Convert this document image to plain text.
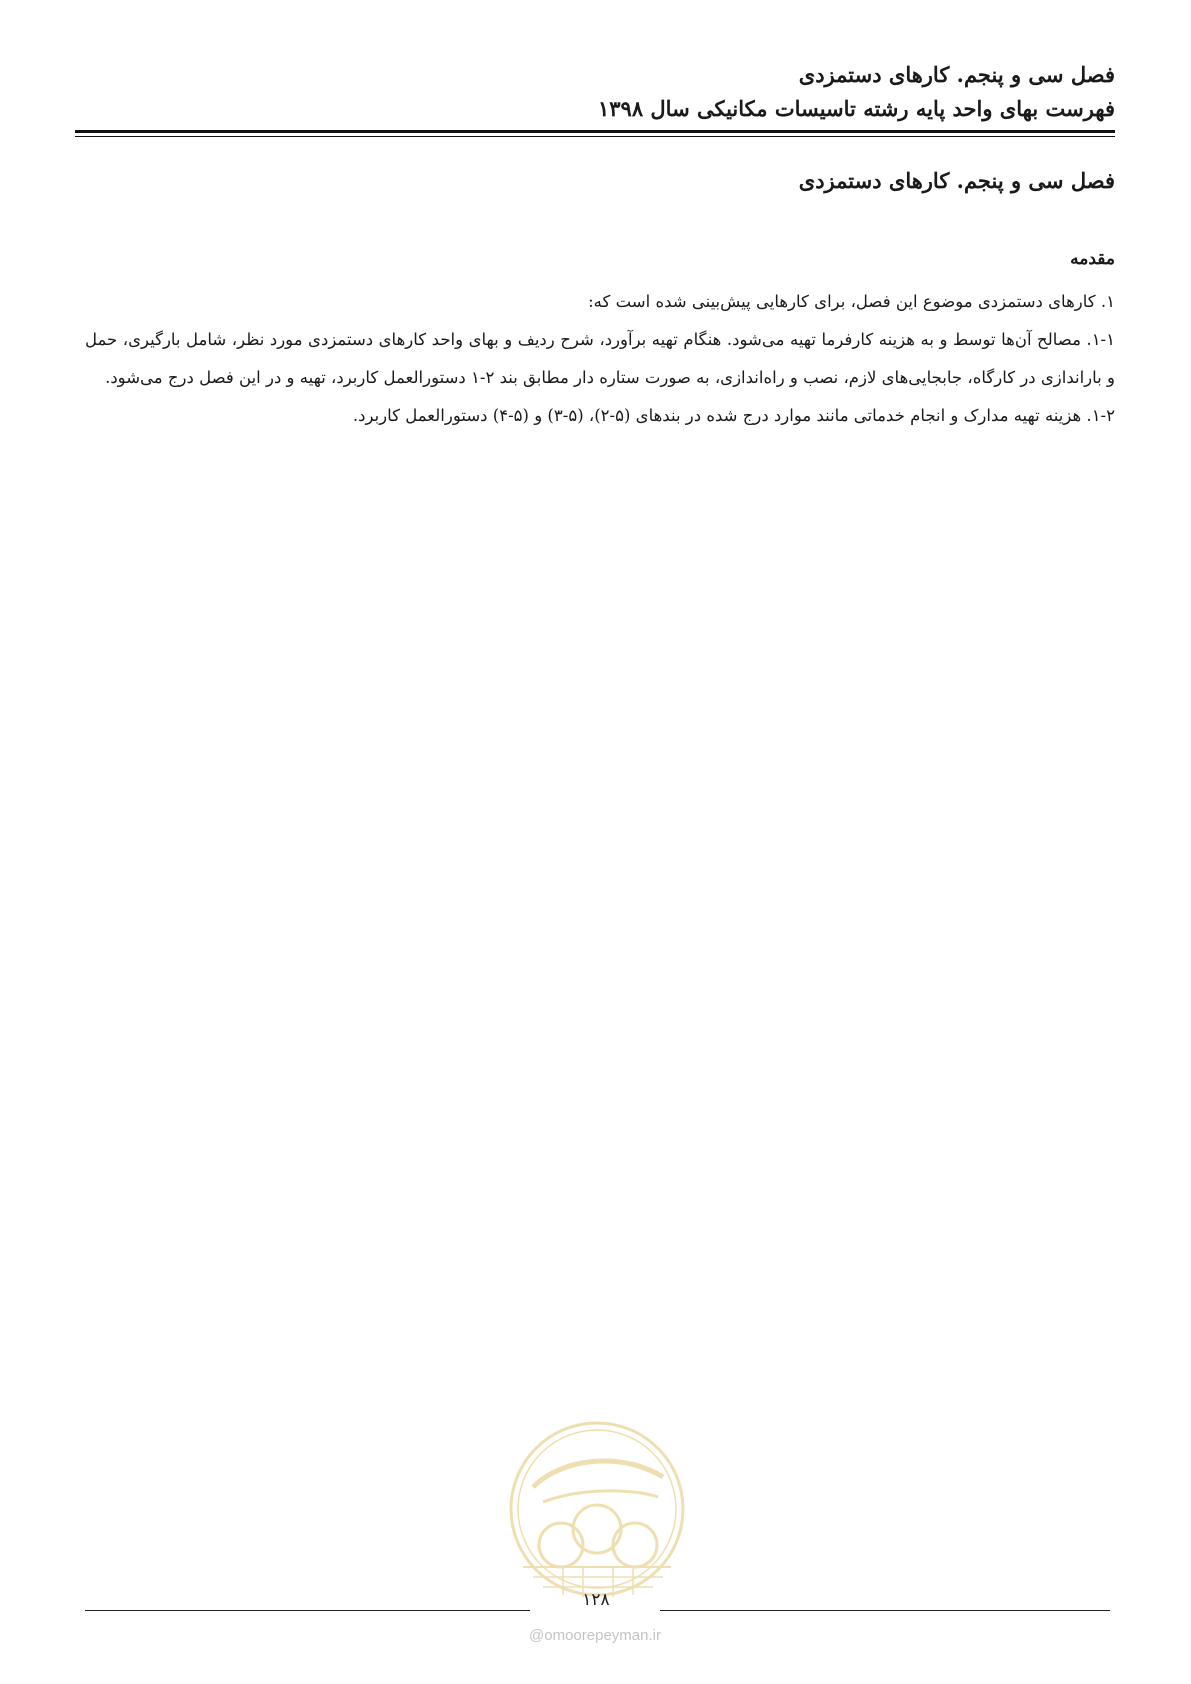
فصل سی و پنجم. کارهای دستمزدی
فهرست بهای واحد پایه رشته تاسیسات مکانیکی سال ۱۳۹۸
فصل سی و پنجم. کارهای دستمزدی
مقدمه

۱. کارهای دستمزدی موضوع این فصل، برای کارهایی پیش‌بینی شده است که:

۱-۱. مصالح آن‌ها توسط و به هزینه کارفرما تهیه می‌شود. هنگام تهیه برآورد، شرح ردیف و بهای واحد کارهای دستمزدی مورد نظر، شامل بارگیری، حمل و باراندازی در کارگاه، جابجایی‌های لازم، نصب و راه‌اندازی، به صورت ستاره دار مطابق بند ۲-۱ دستورالعمل کاربرد، تهیه و در این فصل درج می‌شود.

۱-۲. هزینه تهیه مدارک و انجام خدماتی مانند موارد درج شده در بندهای (۵-۲)، (۵-۳) و (۵-۴) دستورالعمل کاربرد.

۱۲۸
@omoorepeyman.ir
